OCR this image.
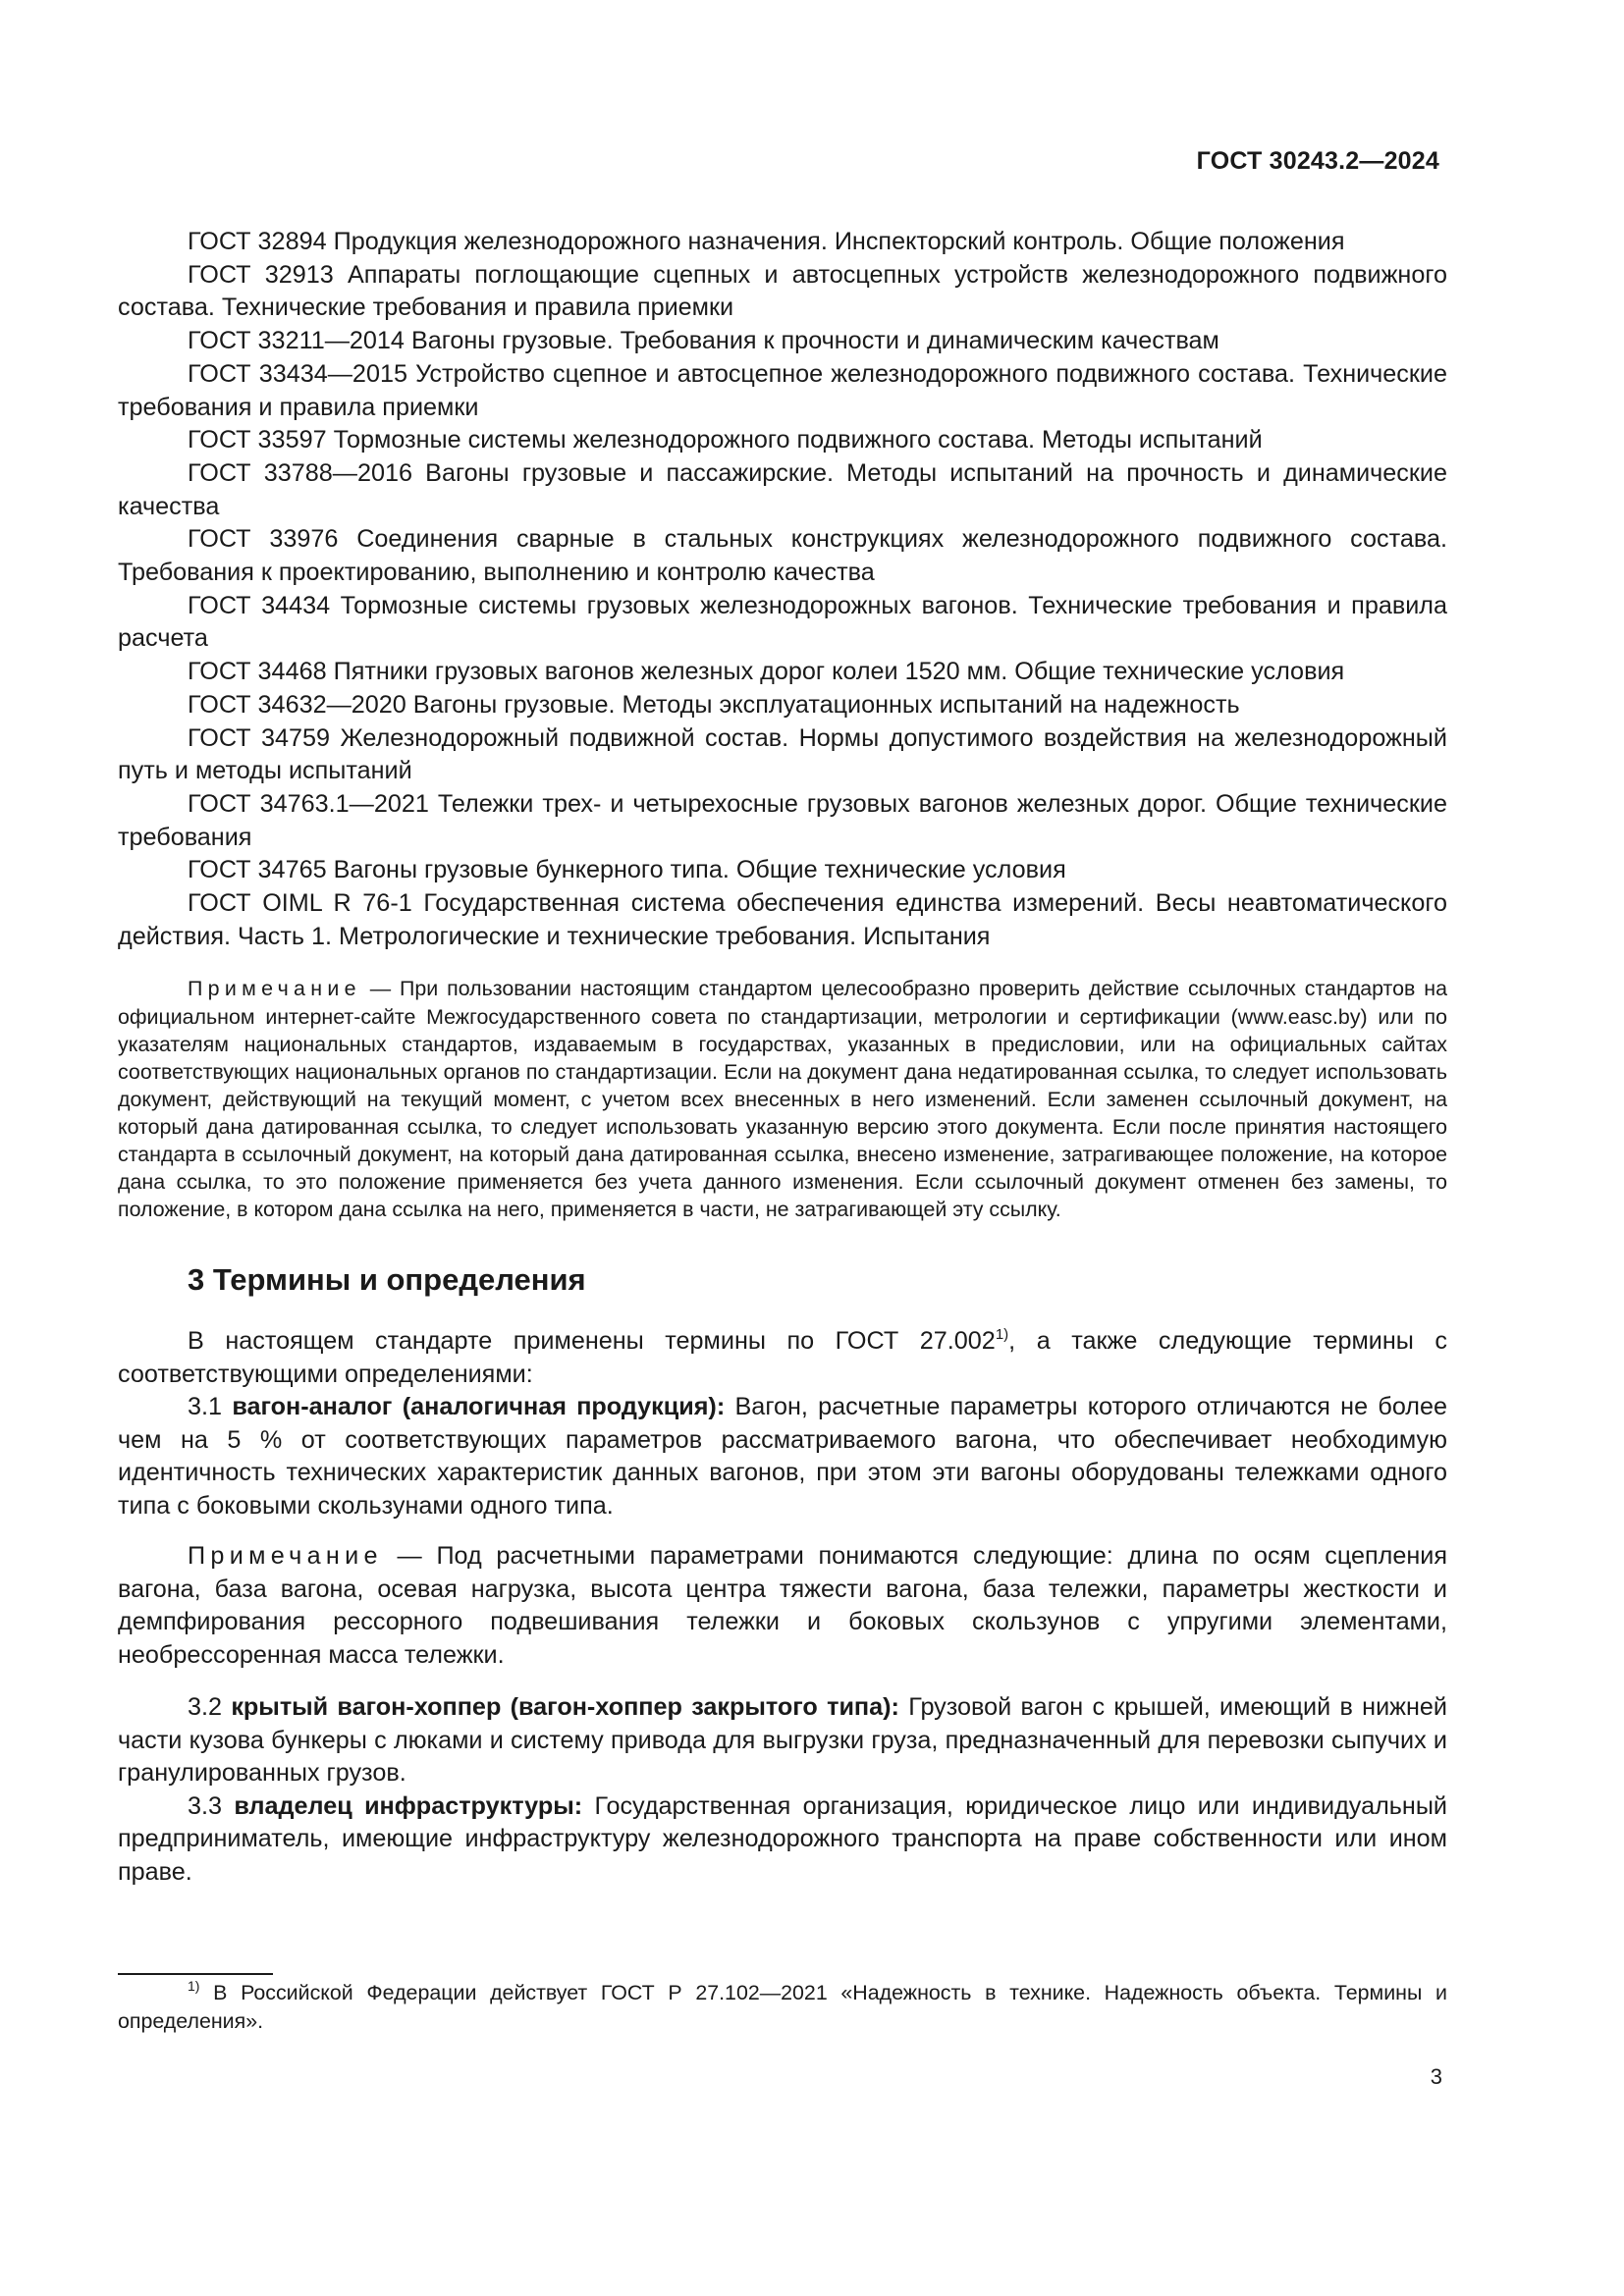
ГОСТ 30243.2—2024

ГОСТ 32894 Продукция железнодорожного назначения. Инспекторский контроль. Общие положения

ГОСТ 32913 Аппараты поглощающие сцепных и автосцепных устройств железнодорожного подвижного состава. Технические требования и правила приемки

ГОСТ 33211—2014 Вагоны грузовые. Требования к прочности и динамическим качествам

ГОСТ 33434—2015 Устройство сцепное и автосцепное железнодорожного подвижного состава. Технические требования и правила приемки

ГОСТ 33597 Тормозные системы железнодорожного подвижного состава. Методы испытаний

ГОСТ 33788—2016 Вагоны грузовые и пассажирские. Методы испытаний на прочность и динамические качества

ГОСТ 33976 Соединения сварные в стальных конструкциях железнодорожного подвижного состава. Требования к проектированию, выполнению и контролю качества

ГОСТ 34434 Тормозные системы грузовых железнодорожных вагонов. Технические требования и правила расчета

ГОСТ 34468 Пятники грузовых вагонов железных дорог колеи 1520 мм. Общие технические условия

ГОСТ 34632—2020 Вагоны грузовые. Методы эксплуатационных испытаний на надежность

ГОСТ 34759 Железнодорожный подвижной состав. Нормы допустимого воздействия на железнодорожный путь и методы испытаний

ГОСТ 34763.1—2021 Тележки трех- и четырехосные грузовых вагонов железных дорог. Общие технические требования

ГОСТ 34765 Вагоны грузовые бункерного типа. Общие технические условия

ГОСТ OIML R 76-1 Государственная система обеспечения единства измерений. Весы неавтоматического действия. Часть 1. Метрологические и технические требования. Испытания

Примечание — При пользовании настоящим стандартом целесообразно проверить действие ссылочных стандартов на официальном интернет-сайте Межгосударственного совета по стандартизации, метрологии и сертификации (www.easc.by) или по указателям национальных стандартов, издаваемым в государствах, указанных в предисловии, или на официальных сайтах соответствующих национальных органов по стандартизации. Если на документ дана недатированная ссылка, то следует использовать документ, действующий на текущий момент, с учетом всех внесенных в него изменений. Если заменен ссылочный документ, на который дана датированная ссылка, то следует использовать указанную версию этого документа. Если после принятия настоящего стандарта в ссылочный документ, на который дана датированная ссылка, внесено изменение, затрагивающее положение, на которое дана ссылка, то это положение применяется без учета данного изменения. Если ссылочный документ отменен без замены, то положение, в котором дана ссылка на него, применяется в части, не затрагивающей эту ссылку.

3 Термины и определения

В настоящем стандарте применены термины по ГОСТ 27.002$^{1)}$, а также следующие термины с соответствующими определениями:

3.1 вагон-аналог (аналогичная продукция): Вагон, расчетные параметры которого отличаются не более чем на 5 % от соответствующих параметров рассматриваемого вагона, что обеспечивает необходимую идентичность технических характеристик данных вагонов, при этом эти вагоны оборудованы тележками одного типа с боковыми скользунами одного типа.

Примечание — Под расчетными параметрами понимаются следующие: длина по осям сцепления вагона, база вагона, осевая нагрузка, высота центра тяжести вагона, база тележки, параметры жесткости и демпфирования рессорного подвешивания тележки и боковых скользунов с упругими элементами, необрессоренная масса тележки.

3.2 крытый вагон-хоппер (вагон-хоппер закрытого типа): Грузовой вагон с крышей, имеющий в нижней части кузова бункеры с люками и систему привода для выгрузки груза, предназначенный для перевозки сыпучих и гранулированных грузов.

3.3 владелец инфраструктуры: Государственная организация, юридическое лицо или индивидуальный предприниматель, имеющие инфраструктуру железнодорожного транспорта на праве собственности или ином праве.

$^{1)}$ В Российской Федерации действует ГОСТ Р 27.102—2021 «Надежность в технике. Надежность объекта. Термины и определения».
3
